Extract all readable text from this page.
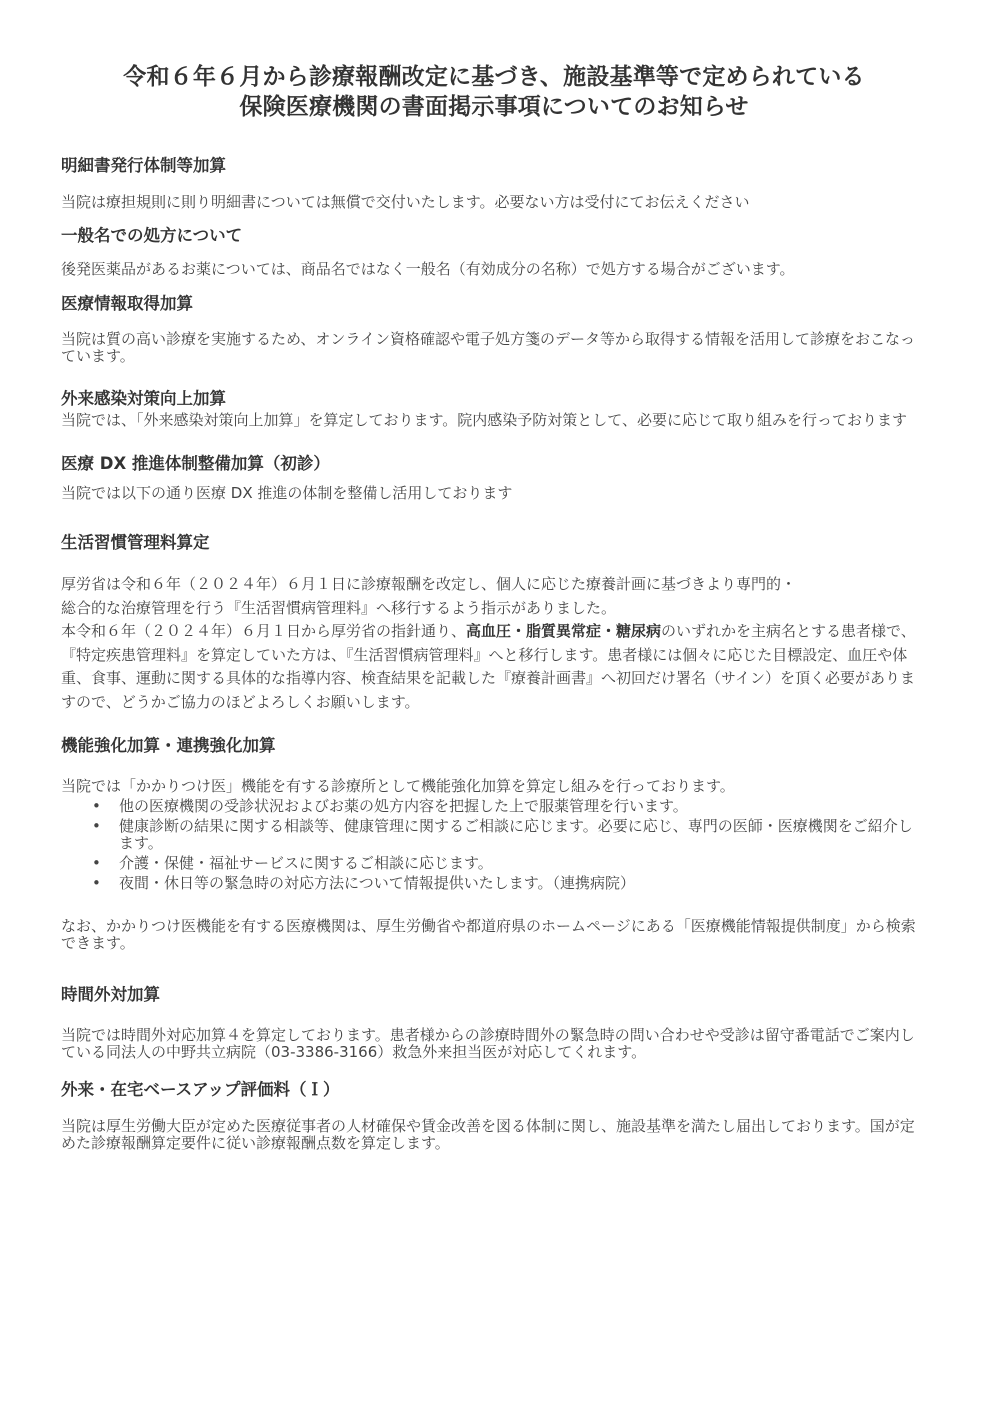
令和６年６月から診療報酬改定に基づき、施設基準等で定められている
保険医療機関の書面掲示事項についてのお知らせ
明細書発行体制等加算

当院は療担規則に則り明細書については無償で交付いたします。必要ない方は受付にてお伝えください

一般名での処方について

後発医薬品があるお薬については、商品名ではなく一般名（有効成分の名称）で処方する場合がございます。

医療情報取得加算

当院は質の高い診療を実施するため、オンライン資格確認や電子処方箋のデータ等から取得する情報を活用して診療をおこなっています。

外来感染対策向上加算

当院では、「外来感染対策向上加算」を算定しております。院内感染予防対策として、必要に応じて取り組みを行っております

医療 DX 推進体制整備加算（初診）

当院では以下の通り医療 DX 推進の体制を整備し活用しております

生活習慣管理料算定

厚労省は令和６年（２０２４年）６月１日に診療報酬を改定し、個人に応じた療養計画に基づきより専門的・
総合的な治療管理を行う『生活習慣病管理料』へ移行するよう指示がありました。

本令和６年（２０２４年）６月１日から厚労省の指針通り、高血圧・脂質異常症・糖尿病のいずれかを主病名とする患者様で、『特定疾患管理料』を算定していた方は、『生活習慣病管理料』へと移行します。患者様には個々に応じた目標設定、血圧や体重、食事、運動に関する具体的な指導内容、検査結果を記載した『療養計画書』へ初回だけ署名（サイン）を頂く必要がありますので、どうかご協力のほどよろしくお願いします。

機能強化加算・連携強化加算

当院では「かかりつけ医」機能を有する診療所として機能強化加算を算定し組みを行っております。

• 他の医療機関の受診状況およびお薬の処方内容を把握した上で服薬管理を行います。
• 健康診断の結果に関する相談等、健康管理に関するご相談に応じます。必要に応じ、専門の医師・医療機関をご紹介します。
• 介護・保健・福祉サービスに関するご相談に応じます。
• 夜間・休日等の緊急時の対応方法について情報提供いたします。（連携病院）

なお、かかりつけ医機能を有する医療機関は、厚生労働省や都道府県のホームページにある「医療機能情報提供制度」から検索できます。

時間外対加算

当院では時間外対応加算４を算定しております。患者様からの診療時間外の緊急時の問い合わせや受診は留守番電話でご案内している同法人の中野共立病院（03-3386-3166）救急外来担当医が対応してくれます。

外来・在宅ベースアップ評価料（Ｉ）

当院は厚生労働大臣が定めた医療従事者の人材確保や賃金改善を図る体制に関し、施設基準を満たし届出しております。国が定めた診療報酬算定要件に従い診療報酬点数を算定します。
